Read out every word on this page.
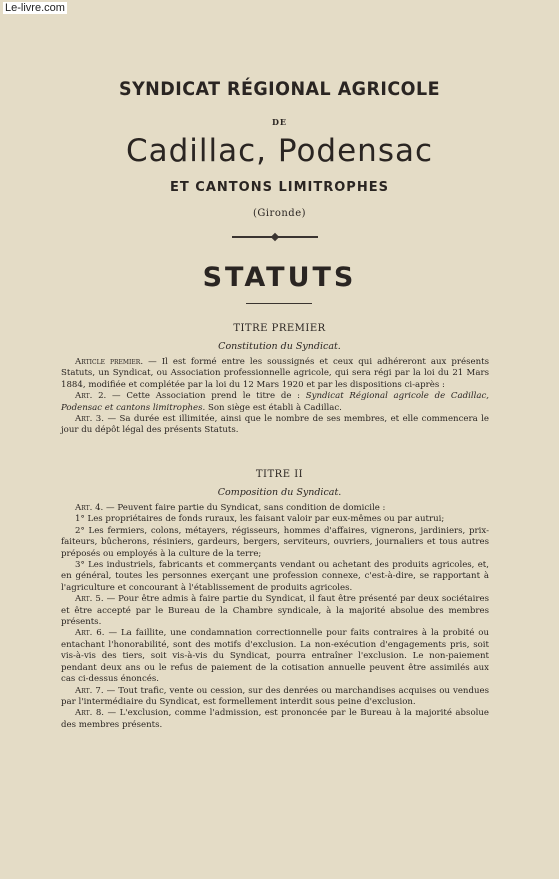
Le-livre.com
SYNDICAT RÉGIONAL AGRICOLE
DE
Cadillac, Podensac
ET CANTONS LIMITROPHES
(Gironde)
STATUTS
TITRE PREMIER
Constitution du Syndicat.

Article premier. — Il est formé entre les soussignés et ceux qui adhéreront aux présents Statuts, un Syndicat, ou Association professionnelle agricole, qui sera régi par la loi du 21 Mars 1884, modifiée et complétée par la loi du 12 Mars 1920 et par les dispositions ci-après :

Art. 2. — Cette Association prend le titre de : Syndicat Régional agricole de Cadillac, Podensac et cantons limitrophes. Son siège est établi à Cadillac.

Art. 3. — Sa durée est illimitée, ainsi que le nombre de ses membres, et elle commencera le jour du dépôt légal des présents Statuts.

TITRE II
Composition du Syndicat.

Art. 4. — Peuvent faire partie du Syndicat, sans condition de domicile :

1° Les propriétaires de fonds ruraux, les faisant valoir par eux-mêmes ou par autrui;

2° Les fermiers, colons, métayers, régisseurs, hommes d'affaires, vignerons, jardiniers, prix-faiteurs, bûcherons, résiniers, gardeurs, bergers, serviteurs, ouvriers, journaliers et tous autres préposés ou employés à la culture de la terre;

3° Les industriels, fabricants et commerçants vendant ou achetant des produits agricoles, et, en général, toutes les personnes exerçant une profession connexe, c'est-à-dire, se rapportant à l'agriculture et concourant à l'établissement de produits agricoles.

Art. 5. — Pour être admis à faire partie du Syndicat, il faut être présenté par deux sociétaires et être accepté par le Bureau de la Chambre syndicale, à la majorité absolue des membres présents.

Art. 6. — La faillite, une condamnation correctionnelle pour faits contraires à la probité ou entachant l'honorabilité, sont des motifs d'exclusion. La non-exécution d'engagements pris, soit vis-à-vis des tiers, soit vis-à-vis du Syndicat, pourra entraîner l'exclusion. Le non-paiement pendant deux ans ou le refus de paiement de la cotisation annuelle peuvent être assimilés aux cas ci-dessus énoncés.

Art. 7. — Tout trafic, vente ou cession, sur des denrées ou marchandises acquises ou vendues par l'intermédiaire du Syndicat, est formellement interdit sous peine d'exclusion.

Art. 8. — L'exclusion, comme l'admission, est prononcée par le Bureau à la majorité absolue des membres présents.
